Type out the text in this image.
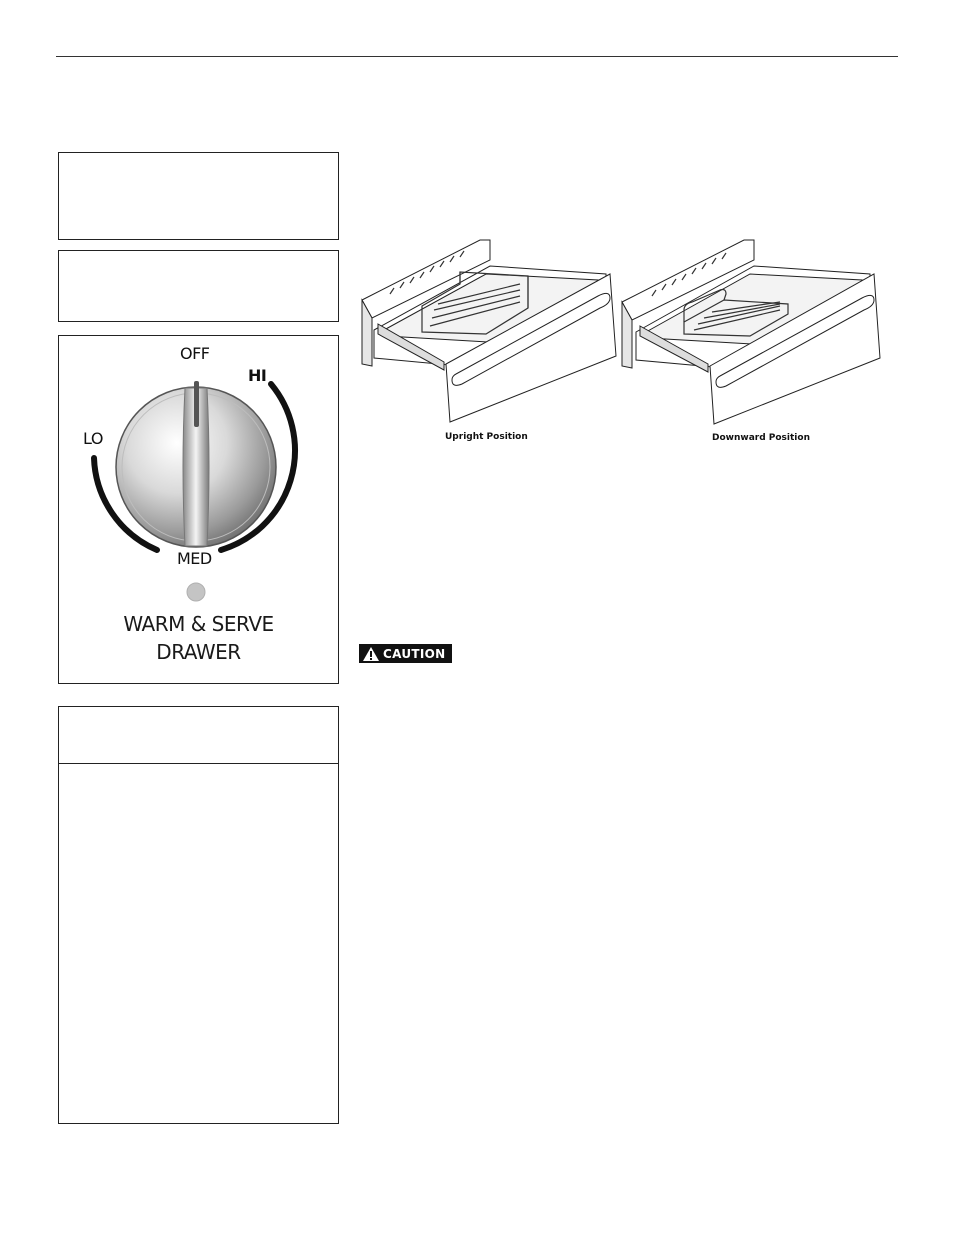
OFF
HI
LO
MED
WARM & SERVE
DRAWER
Upright Position	Downward Position
CAUTION
